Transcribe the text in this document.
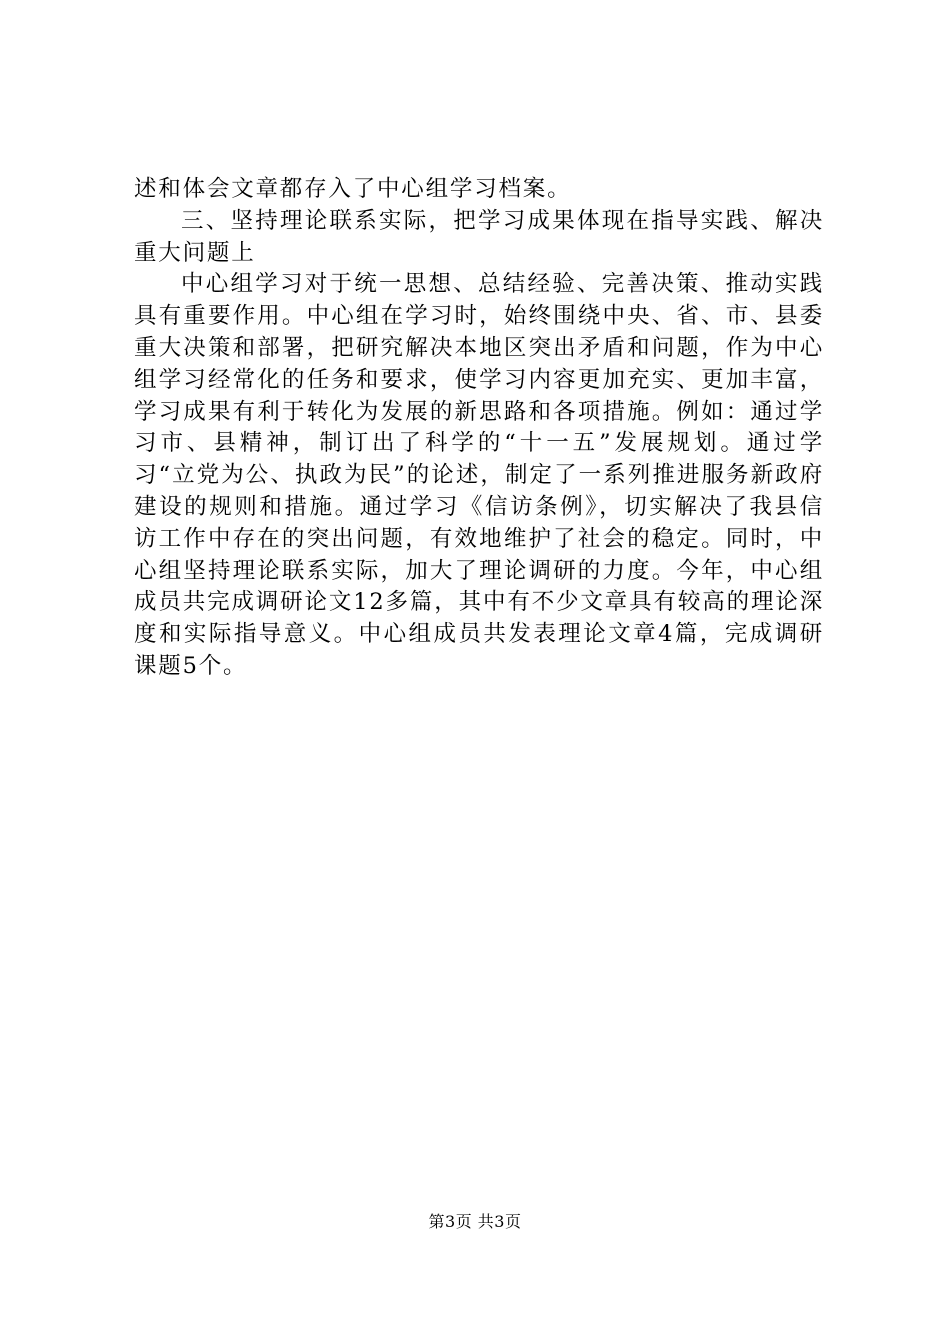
述和体会文章都存入了中心组学习档案。

三、坚持理论联系实际，把学习成果体现在指导实践、解决重大问题上

中心组学习对于统一思想、总结经验、完善决策、推动实践具有重要作用。中心组在学习时，始终围绕中央、省、市、县委重大决策和部署，把研究解决本地区突出矛盾和问题，作为中心组学习经常化的任务和要求，使学习内容更加充实、更加丰富，学习成果有利于转化为发展的新思路和各项措施。例如：通过学习市、县精神，制订出了科学的“十一五”发展规划。通过学习“立党为公、执政为民”的论述，制定了一系列推进服务新政府建设的规则和措施。通过学习《信访条例》，切实解决了我县信访工作中存在的突出问题，有效地维护了社会的稳定。同时，中心组坚持理论联系实际，加大了理论调研的力度。今年，中心组成员共完成调研论文12多篇，其中有不少文章具有较高的理论深度和实际指导意义。中心组成员共发表理论文章4篇，完成调研课题5个。

第3页 共3页
